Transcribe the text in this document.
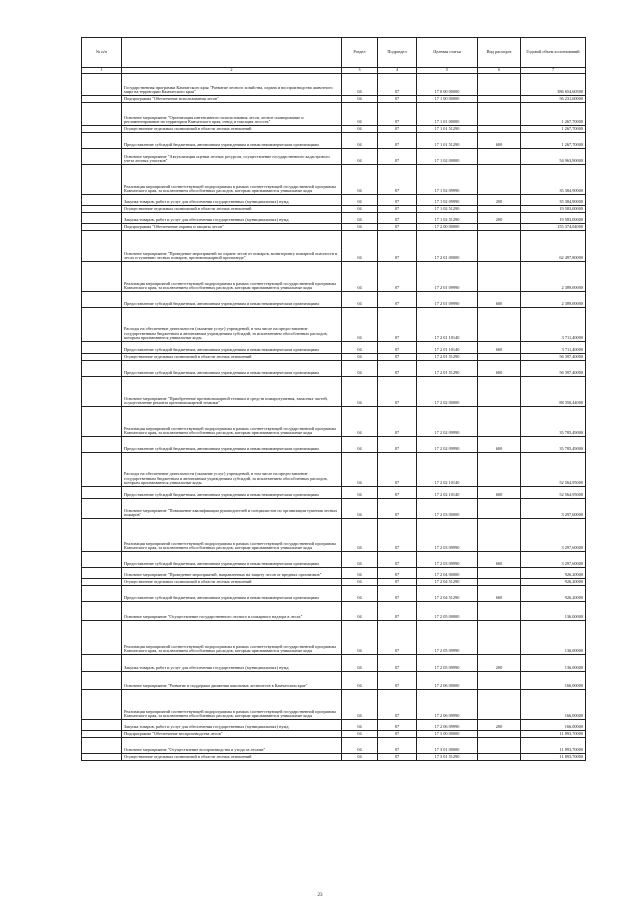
№ п/п		Раздел	Подраздел	Целевая статья	Вид расходов	Годовой объем ассигнований
1	2	3	4	5	6	7
	Государственная программа Камчатского края "Развитие лесного хозяйства, охрана и воспроизводство животного мира на территории Камчатского края"	04	07	17 0 00 00000		386 654,60500
	Подпрограмма "Обеспечение использования лесов"	04	07	17 1 00 00000		56 231,60000
	Основное мероприятие "Организация интенсивного использования лесов, лесное планирование и регламентирование на территории Камчатского края, отвод и таксация лесосек"	04	07	17 1 01 00000		1 267,70000
	Осуществление отдельных полномочий в области лесных отношений	04	07	17 1 01 51290		1 267,70000
	Предоставление субсидий бюджетным, автономным учреждениям и иным некоммерческим организациям	04	07	17 1 01 51290	600	1 267,70000
	Основное мероприятие "Актуализация оценки лесных ресурсов, осуществление государственного кадастрового учета лесных участков"	04	07	17 1 02 00000		54 963,90000
	Реализация мероприятий соответствующей подпрограммы в рамках соответствующей государственной программы Камчатского края, за исключением обособленных расходов, которым присваиваются уникальные коды	04	07	17 1 02 09990		35 384,90000
	Закупка товаров, работ и услуг для обеспечения государственных (муниципальных) нужд	04	07	17 1 02 09990	200	35 384,90000
	Осуществление отдельных полномочий в области лесных отношений	04	07	17 1 02 51290		19 583,00000
	Закупка товаров, работ и услуг для обеспечения государственных (муниципальных) нужд	04	07	17 1 02 51290	200	19 583,00000
	Подпрограмма "Обеспечение охраны и защиты лесов"	04	07	17 2 00 00000		155 374,04000
	Основное мероприятие "Проведение мероприятий по охране лесов от пожаров, мониторингу пожарной опасности в лесах и тушению лесных пожаров, противопожарной пропаганде"	04	07	17 2 01 00000		62 497,80000
	Реализация мероприятий соответствующей подпрограммы в рамках соответствующей государственной программы Камчатского края, за исключением обособленных расходов, которым присваиваются уникальные коды	04	07	17 2 01 09990		2 389,00000
	Предоставление субсидий бюджетным, автономным учреждениям и иным некоммерческим организациям	04	07	17 2 01 09990	600	2 389,00000
	Расходы на обеспечение деятельности (оказание услуг) учреждений, в том числе на предоставление государственным бюджетным и автономным учреждениям субсидий, за исключением обособленных расходов, которым присваиваются уникальные коды	04	07	17 2 01 10140		3 711,40000
	Предоставление субсидий бюджетным, автономным учреждениям и иным некоммерческим организациям	04	07	17 2 01 10140	600	3 711,40000
	Осуществление отдельных полномочий в области лесных отношений	04	07	17 2 01 51290		56 397,40000
	Предоставление субсидий бюджетным, автономным учреждениям и иным некоммерческим организациям	04	07	17 2 01 51290	600	56 397,40000
	Основное мероприятие "Приобретение противопожарной техники и средств пожаротушения, запасных частей, осуществление ремонта противопожарной техники"	04	07	17 2 02 00000		88 350,44000
	Реализация мероприятий соответствующей подпрограммы в рамках соответствующей государственной программы Камчатского края, за исключением обособленных расходов, которым присваиваются уникальные коды	04	07	17 2 02 09990		35 785,49000
	Предоставление субсидий бюджетным, автономным учреждениям и иным некоммерческим организациям	04	07	17 2 02 09990	600	35 785,49000
	Расходы на обеспечение деятельности (оказание услуг) учреждений, в том числе на предоставление государственным бюджетным и автономным учреждениям субсидий, за исключением обособленных расходов, которым присваиваются уникальные коды	04	07	17 2 02 10140		52 564,95000
	Предоставление субсидий бюджетным, автономным учреждениям и иным некоммерческим организациям	04	07	17 2 02 10140	600	52 564,95000
	Основное мероприятие "Повышение квалификации руководителей и специалистов по организации тушения лесных пожаров"	04	07	17 2 03 00000		3 297,60000
	Реализация мероприятий соответствующей подпрограммы в рамках соответствующей государственной программы Камчатского края, за исключением обособленных расходов, которым присваиваются уникальные коды	04	07	17 2 03 09990		3 297,60000
	Предоставление субсидий бюджетным, автономным учреждениям и иным некоммерческим организациям	04	07	17 2 03 09990	600	3 297,60000
	Основное мероприятие "Проведение мероприятий, направленных на защиту лесов от вредных организмов"	04	07	17 2 04 00000		926,20000
	Осуществление отдельных полномочий в области лесных отношений	04	07	17 2 04 51290		926,20000
	Предоставление субсидий бюджетным, автономным учреждениям и иным некоммерческим организациям	04	07	17 2 04 51290	600	926,20000
	Основное мероприятие "Осуществление государственного лесного и пожарного надзора в лесах"	04	07	17 2 05 00000		136,00000
	Реализация мероприятий соответствующей подпрограммы в рамках соответствующей государственной программы Камчатского края, за исключением обособленных расходов, которым присваиваются уникальные коды	04	07	17 2 05 09990		136,00000
	Закупка товаров, работ и услуг для обеспечения государственных (муниципальных) нужд	04	07	17 2 05 09990	200	136,00000
	Основное мероприятие "Развитие и поддержка движения школьных лесничеств в Камчатском крае"	04	07	17 2 06 00000		166,00000
	Реализация мероприятий соответствующей подпрограммы в рамках соответствующей государственной программы Камчатского края, за исключением обособленных расходов, которым присваиваются уникальные коды	04	07	17 2 06 09990		166,00000
	Закупка товаров, работ и услуг для обеспечения государственных (муниципальных) нужд	04	07	17 2 06 09990	200	166,00000
	Подпрограмма "Обеспечение воспроизводства лесов"	04	07	17 3 00 00000		11 893,70000
	Основное мероприятие "Осуществление воспроизводства и ухода за лесами"	04	07	17 3 01 00000		11 893,70000
	Осуществление отдельных полномочий в области лесных отношений	04	07	17 3 01 51290		11 893,70000
23
